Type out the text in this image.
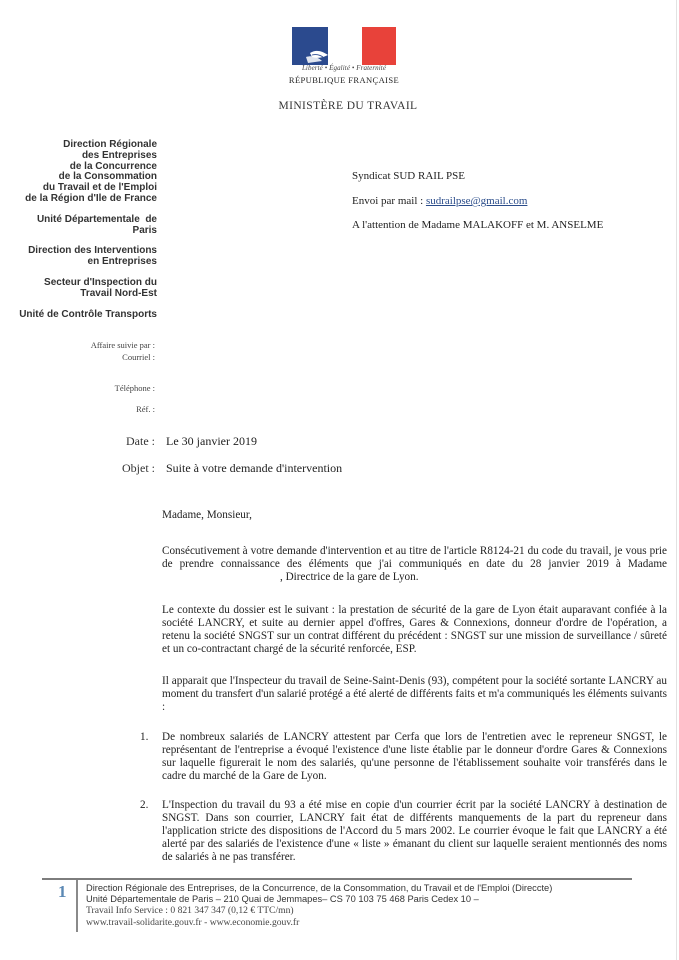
Liberté • Égalité • Fraternité
RÉPUBLIQUE FRANÇAISE
MINISTÈRE DU TRAVAIL
Direction Régionale
des Entreprises
de la Concurrence
de la Consommation
du Travail et de l'Emploi
de la Région d'Ile de France
Unité Départementale  de
Paris
Direction des Interventions
en Entreprises
Secteur d'Inspection du
Travail Nord-Est
Unité de Contrôle Transports
Affaire suivie par :
Courriel :
Téléphone :
Réf. :
Date : Le 30 janvier 2019
Objet : Suite à votre demande d'intervention
Syndicat SUD RAIL PSE
Envoi par mail : sudrailpse@gmail.com
A l'attention de Madame MALAKOFF et M. ANSELME
Madame, Monsieur,
Consécutivement à votre demande d'intervention et au titre de l'article R8124-21 du code du travail, je vous prie de prendre connaissance des éléments que j'ai communiqués en date du 28 janvier 2019 à Madame, Directrice de la gare de Lyon.
Le contexte du dossier est le suivant : la prestation de sécurité de la gare de Lyon était auparavant confiée à la société LANCRY, et suite au dernier appel d'offres, Gares & Connexions, donneur d'ordre de l'opération, a retenu la société SNGST sur un contrat différent du précédent : SNGST sur une mission de surveillance / sûreté et un co-contractant chargé de la sécurité renforcée, ESP.
Il apparait que l'Inspecteur du travail de Seine-Saint-Denis (93), compétent pour la société sortante LANCRY au moment du transfert d'un salarié protégé a été alerté de différents faits et m'a communiqués les éléments suivants :
1. De nombreux salariés de LANCRY attestent par Cerfa que lors de l'entretien avec le repreneur SNGST, le représentant de l'entreprise a évoqué l'existence d'une liste établie par le donneur d'ordre Gares & Connexions sur laquelle figurerait le nom des salariés, qu'une personne de l'établissement souhaite voir transférés dans le cadre du marché de la Gare de Lyon.
2. L'Inspection du travail du 93 a été mise en copie d'un courrier écrit par la société LANCRY à destination de SNGST. Dans son courrier, LANCRY fait état de différents manquements de la part du repreneur dans l'application stricte des dispositions de l'Accord du 5 mars 2002. Le courrier évoque le fait que LANCRY a été alerté par des salariés de l'existence d'une « liste » émanant du client sur laquelle seraient mentionnés des noms de salariés à ne pas transférer.
1 Direction Régionale des Entreprises, de la Concurrence, de la Consommation, du Travail et de l'Emploi (Direccte)
Unité Départementale de Paris – 210 Quai de Jemmapes– CS 70 103 75 468 Paris Cedex 10 –
Travail Info Service : 0 821 347 347 (0,12 € TTC/mn)
www.travail-solidarite.gouv.fr - www.economie.gouv.fr
